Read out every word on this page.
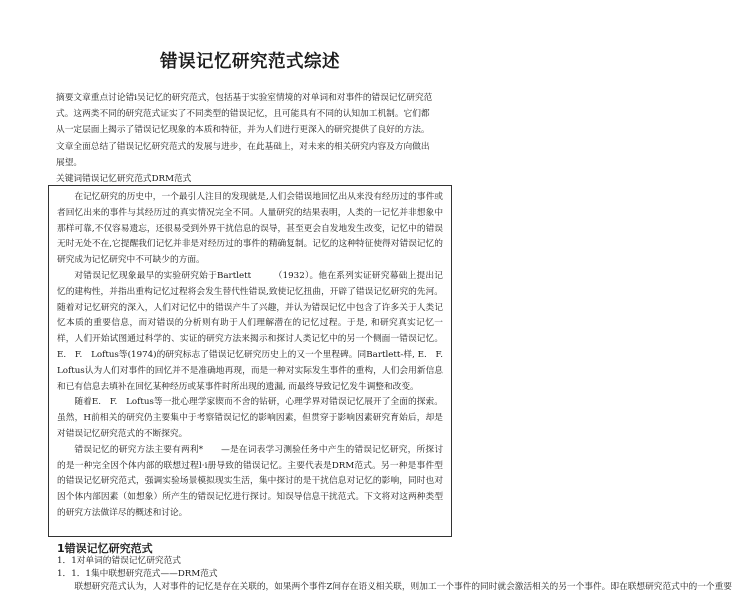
错误记忆研究范式综述

摘要文章重点讨论错i吴记忆的研究范式，包括基于实验室情境的对单词和对事件的错误记忆研究范式。这两类不同的研究范式证实了不同类型的错误记忆，且可能具有不同的认知加工机制。它们都从一定层面上揭示了错误记忆现象的本质和特征，并为人们进行更深入的研究提供了良好的方法。文章全面总结了错误记忆研究范式的发展与进步，在此基础上，对未来的相关研究内容及方向做出展望。

关键词错误记忆研究范式DRM范式

在记忆研究的历史中，一个最引人注目的发现就是,人们会错误地回忆出从来没有经历过的事件或者回忆出来的事件与其经历过的真实情况完全不同。人量研究的结果表明，人类的一记忆并非想象中那样可靠,不仅容易遗忘，还很易受到外界干扰信息的误导，甚至更会自发地发生改变，记忆中的错误无时无处不在,它提醒我们记忆并非是对经历过的事件的精确复制。记忆的这种特征使得对错误记忆的研究成为记忆研究中不可缺少的方面。

对错误记忆现象最早的实验研究始于Bartlett　　　（1932）。他在系列实证研究幕础上提出记忆的建构性，并指出重构记忆过程将会发生替代性错误,致使记忆扭曲，开辟了错误记忆研究的先河。随着对记忆研究的深入，人们对记忆中的错误产牛了兴趣，并认为错误记忆中包含了许多关于人类记忆本质的重要信息，而对错误的分析则有助于人们理解潜在的记忆过程。于是, 和研究真实记忆一样，人们开始试图通过科学的、实证的研究方法来揭示和探讨人类记忆中的另一个侧面一错误记忆。E.　F.　Loftus等(1974)的研究标志了错误记忆研究历史上的又一个里程碑。同Bartlett-样, E.　F.　Loftus认为人们对事件的回忆并不是准确地再现，而是一种对实际发生事件的重构，人们会用新信息和已有信息去填补在回忆某种经历或某事件时所出现的遗漏, 而最终导致记忆发牛调整和改变。

随着E.　F.　Loftus等一批心理学家锲而不舍的钻研，心理学界对错误记忆展开了全面的探索。虽然，H前相关的研究仍主要集中于考察错误记忆的影响因素，但贯穿于影响因素研究育始后，却是对错误记忆研究范式的不断探究。

错误记忆的研究方法主要有两利*　　—是在词表学习测验任务中产生的错误记忆研究，所探讨的是一种完全因个体内部的联想过程l·i册导致的错误记忆。主要代表是DRM范式。另一种是事件型的错误记忆研究范式，强调实验场景模拟现实生活，集中探讨的是干扰信息对记忆的影响，同时也对因个体内部因素（如想象）所产生的错误记忆进行探讨。知误导信息干扰范式。下文将对这两种类型的研究方法做详尽的概述和讨论。

1错误记忆研究范式

1．1对单词的错误记忆研究范式

1．1．1集中联想研究范式——DRM范式

联想研究范式认为，人对事件的记忆是存在关联的，如果两个事件Z间存在语义相关联，则加工一个事件的同时就会激活相关的另一个事件。即在联想研究范式中的一个重要
